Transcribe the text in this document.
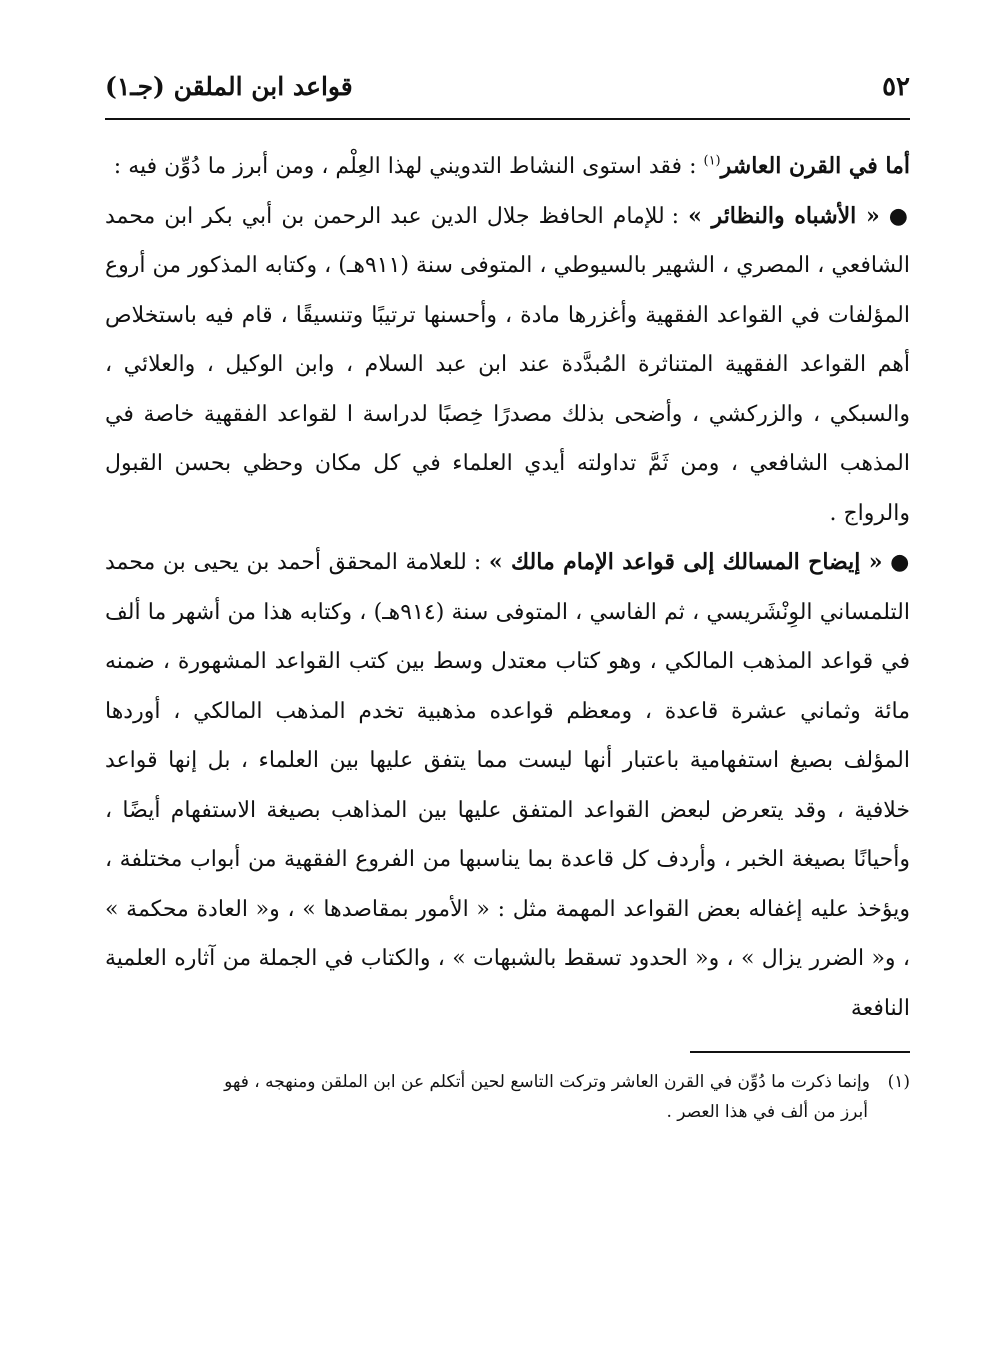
٥٢
قواعد ابن الملقن (جـ١)

أما في القرن العاشر$^{(١)}$ : فقد استوى النشاط التدويني لهذا العِلْم ، ومن أبرز ما دُوِّن فيه :

● « الأشباه والنظائر » : للإمام الحافظ جلال الدين عبد الرحمن بن أبي بكر ابن محمد الشافعي ، المصري ، الشهير بالسيوطي ، المتوفى سنة (٩١١هـ) ، وكتابه المذكور من أروع المؤلفات في القواعد الفقهية وأغزرها مادة ، وأحسنها ترتيبًا وتنسيقًا ، قام فيه باستخلاص أهم القواعد الفقهية المتناثرة المُبدَّدة عند ابن عبد السلام ، وابن الوكيل ، والعلائي ، والسبكي ، والزركشي ، وأضحى بذلك مصدرًا خِصبًا لدراسة ا لقواعد الفقهية خاصة في المذهب الشافعي ، ومن ثَمَّ تداولته أيدي العلماء في كل مكان وحظي بحسن القبول والرواج .

● « إيضاح المسالك إلى قواعد الإمام مالك » : للعلامة المحقق أحمد بن يحيى بن محمد التلمساني الوِنْشَريسي ، ثم الفاسي ، المتوفى سنة (٩١٤هـ) ، وكتابه هذا من أشهر ما ألف في قواعد المذهب المالكي ، وهو كتاب معتدل وسط بين كتب القواعد المشهورة ، ضمنه مائة وثماني عشرة قاعدة ، ومعظم قواعده مذهبية تخدم المذهب المالكي ، أوردها المؤلف بصيغ استفهامية باعتبار أنها ليست مما يتفق عليها بين العلماء ، بل إنها قواعد خلافية ، وقد يتعرض لبعض القواعد المتفق عليها بين المذاهب بصيغة الاستفهام أيضًا ، وأحيانًا بصيغة الخبر ، وأردف كل قاعدة بما يناسبها من الفروع الفقهية من أبواب مختلفة ، ويؤخذ عليه إغفاله بعض القواعد المهمة مثل : « الأمور بمقاصدها » ، و« العادة محكمة » ، و« الضرر يزال » ، و« الحدود تسقط بالشبهات » ، والكتاب في الجملة من آثاره العلمية النافعة

(١)وإنما ذكرت ما دُوِّن في القرن العاشر وتركت التاسع لحين أتكلم عن ابن الملقن ومنهجه ، فهو
أبرز من ألف في هذا العصر .
